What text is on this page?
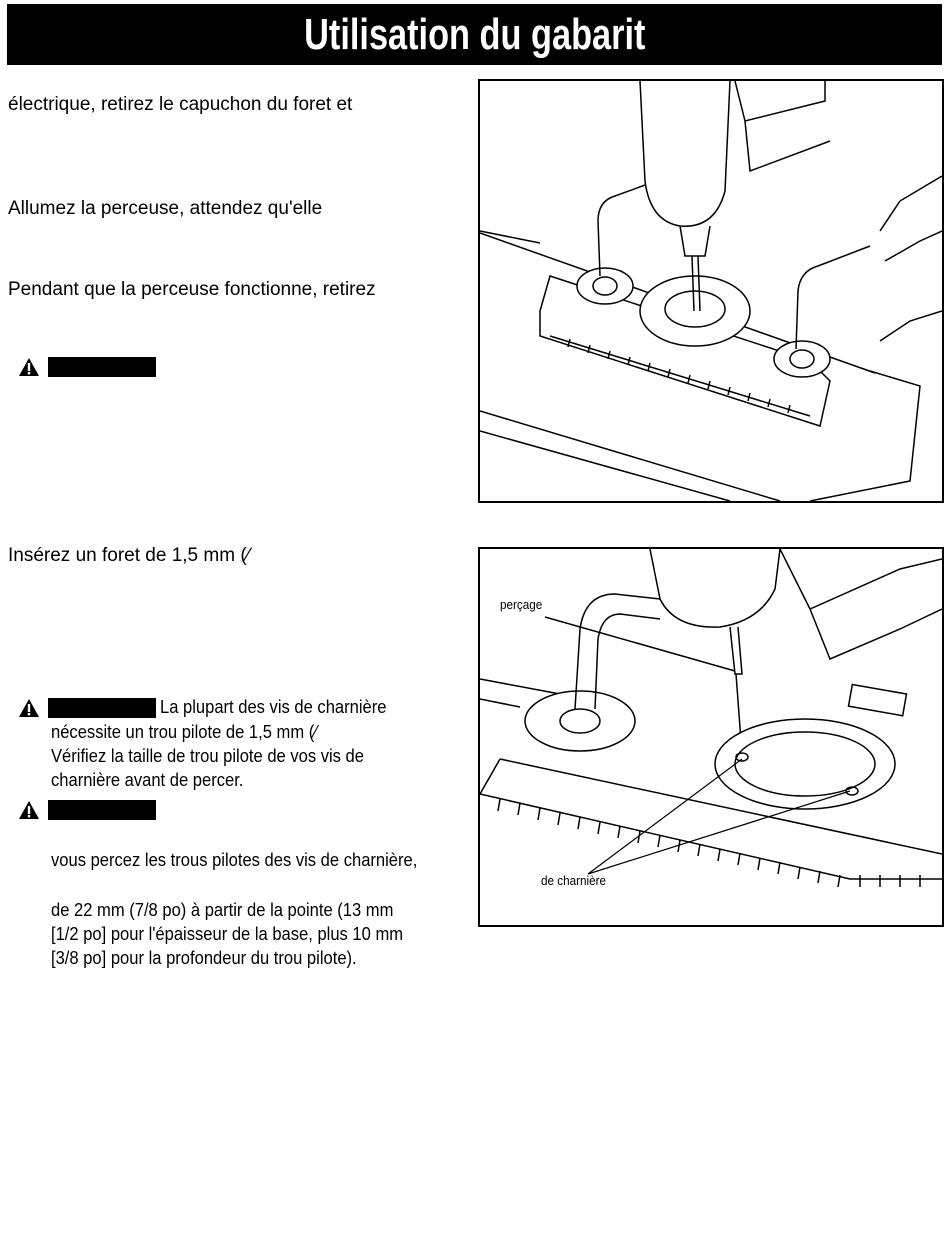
Utilisation du gabarit
électrique, retirez le capuchon du foret et
Allumez la perceuse, attendez qu'elle
Pendant que la perceuse fonctionne, retirez
Insérez un foret de 1,5 mm (⁄
La plupart des vis de charnière
nécessite un trou pilote de 1,5 mm (⁄
Vérifiez la taille de trou pilote de vos vis de
charnière avant de percer.
vous percez les trous pilotes des vis de charnière,
de 22 mm (7/8 po) à partir de la pointe (13 mm
[1/2 po] pour l'épaisseur de la base, plus 10 mm
[3/8 po] pour la profondeur du trou pilote).
perçage
de charnière
